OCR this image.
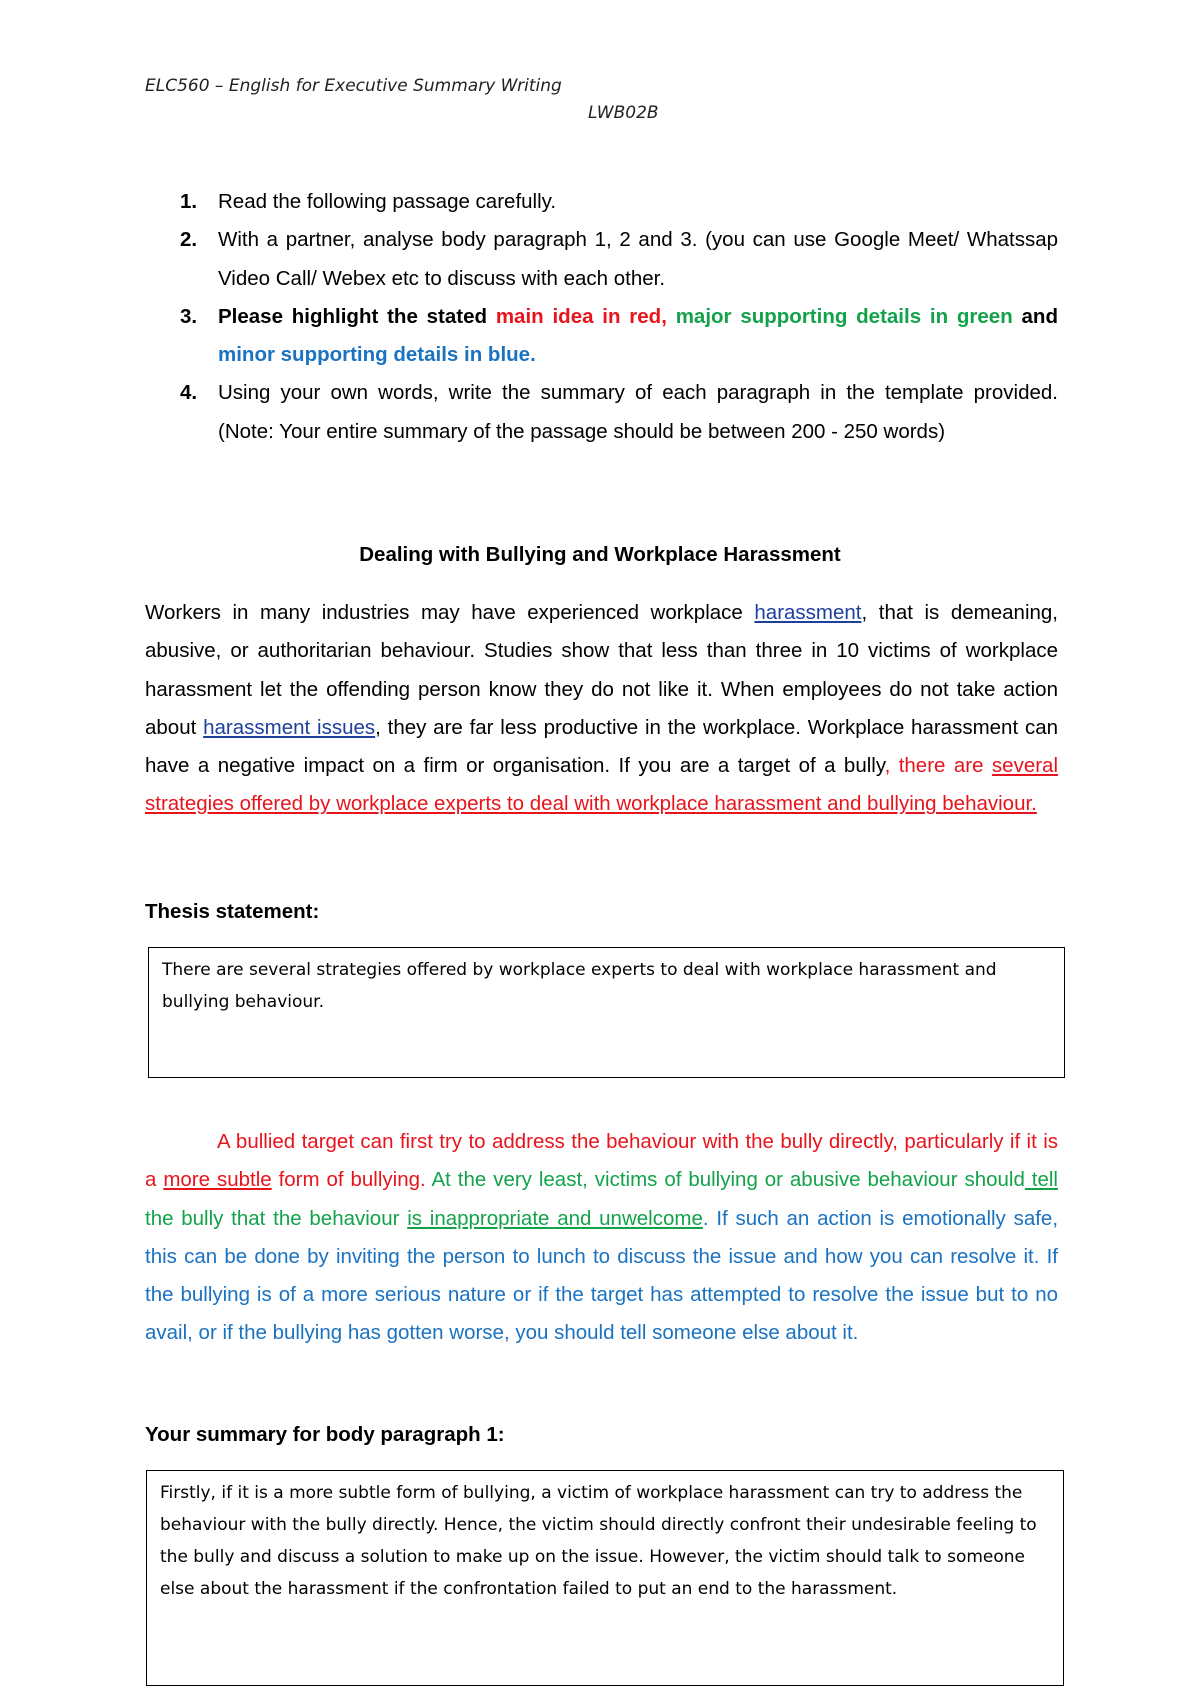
ELC560 – English for Executive Summary Writing
LWB02B
1. Read the following passage carefully.
2. With a partner, analyse body paragraph 1, 2 and 3. (you can use Google Meet/ Whatssap Video Call/ Webex etc to discuss with each other.
3. Please highlight the stated main idea in red, major supporting details in green and minor supporting details in blue.
4. Using your own words, write the summary of each paragraph in the template provided. (Note: Your entire summary of the passage should be between 200 - 250 words)
Dealing with Bullying and Workplace Harassment

Workers in many industries may have experienced workplace harassment, that is demeaning, abusive, or authoritarian behaviour. Studies show that less than three in 10 victims of workplace harassment let the offending person know they do not like it. When employees do not take action about harassment issues, they are far less productive in the workplace. Workplace harassment can have a negative impact on a firm or organisation. If you are a target of a bully, there are several strategies offered by workplace experts to deal with workplace harassment and bullying behaviour.

Thesis statement:
There are several strategies offered by workplace experts to deal with workplace harassment and bullying behaviour.

A bullied target can first try to address the behaviour with the bully directly, particularly if it is a more subtle form of bullying. At the very least, victims of bullying or abusive behaviour should tell the bully that the behaviour is inappropriate and unwelcome. If such an action is emotionally safe, this can be done by inviting the person to lunch to discuss the issue and how you can resolve it. If the bullying is of a more serious nature or if the target has attempted to resolve the issue but to no avail, or if the bullying has gotten worse, you should tell someone else about it.

Your summary for body paragraph 1:
Firstly, if it is a more subtle form of bullying, a victim of workplace harassment can try to address the behaviour with the bully directly. Hence, the victim should directly confront their undesirable feeling to the bully and discuss a solution to make up on the issue. However, the victim should talk to someone else about the harassment if the confrontation failed to put an end to the harassment.
